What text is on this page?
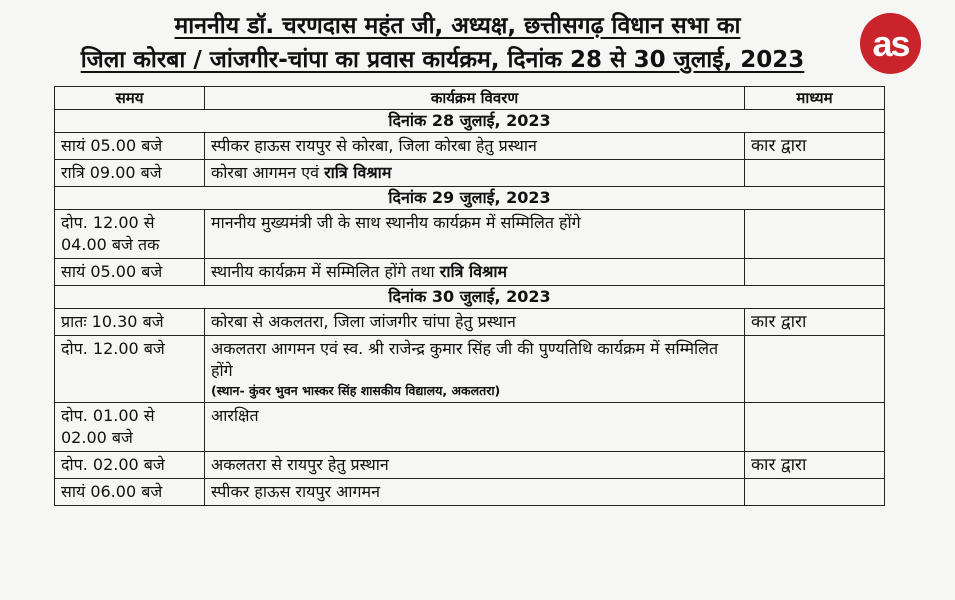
माननीय डॉ. चरणदास महंत जी, अध्यक्ष, छत्तीसगढ़ विधान सभा का
जिला कोरबा / जांजगीर-चांपा का प्रवास कार्यक्रम, दिनांक 28 से 30 जुलाई, 2023	as
समय	कार्यक्रम विवरण	माध्यम
दिनांक 28 जुलाई, 2023		
सायं 05.00 बजे	स्पीकर हाऊस रायपुर से कोरबा, जिला कोरबा हेतु प्रस्थान	कार द्वारा
रात्रि 09.00 बजे	कोरबा आगमन एवं रात्रि विश्राम	
दिनांक 29 जुलाई, 2023		
दोप. 12.00 से 04.00 बजे तक	माननीय मुख्यमंत्री जी के साथ स्थानीय कार्यक्रम में सम्मिलित होंगे	
सायं 05.00 बजे	स्थानीय कार्यक्रम में सम्मिलित होंगे तथा रात्रि विश्राम	
दिनांक 30 जुलाई, 2023		
प्रातः 10.30 बजे	कोरबा से अकलतरा, जिला जांजगीर चांपा हेतु प्रस्थान	कार द्वारा
दोप. 12.00 बजे	अकलतरा आगमन एवं स्व. श्री राजेन्द्र कुमार सिंह जी की पुण्यतिथि कार्यक्रम में सम्मिलित होंगे
(स्थान- कुंवर भुवन भास्कर सिंह शासकीय विद्यालय, अकलतरा)	

दोप. 01.00 से 02.00 बजे	आरक्षित	
दोप. 02.00 बजे	अकलतरा से रायपुर हेतु प्रस्थान	कार द्वारा
सायं 06.00 बजे	स्पीकर हाऊस रायपुर आगमन	
